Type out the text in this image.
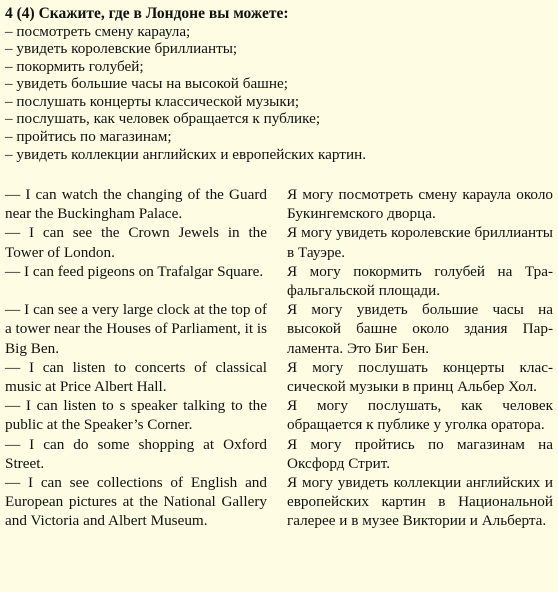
4 (4) Скажите, где в Лондоне вы можете:
– посмотреть смену караула;
– увидеть королевские бриллианты;
– покормить голубей;
– увидеть большие часы на высокой башне;
– послушать концерты классической музыки;
– послушать, как человек обращается к публике;
– пройтись по магазинам;
– увидеть коллекции английских и европейских картин.
— I can watch the changing of the Guard near the Buckingham Palace.
Я могу посмотреть смену караула около Букингемского дворца.
— I can see the Crown Jewels in the Tower of London.
Я могу увидеть королевские бриллианты в Тауэре.
— I can feed pigeons on Trafalgar Square. Я могу покормить голубей на Трафальгальской площади.
— I can see a very large clock at the top of a tower near the Houses of Parliament, it is Big Ben.
Я могу увидеть большие часы на высокой башне около здания Парламента. Это Биг Бен.
— I can listen to concerts of classical music at Price Albert Hall.
Я могу послушать концерты классической музыки в принц Альбер Хол.
— I can listen to s speaker talking to the public at the Speaker’s Corner.
Я могу послушать, как человек обращается к публике у уголка оратора.
— I can do some shopping at Oxford Street.
Я могу пройтись по магазинам на Оксфорд Стрит.
— I can see collections of English and European pictures at the National Gallery and Victoria and Albert Museum.
Я могу увидеть коллекции английских и европейских картин в Национальной галерее и в музее Виктории и Альберта.
